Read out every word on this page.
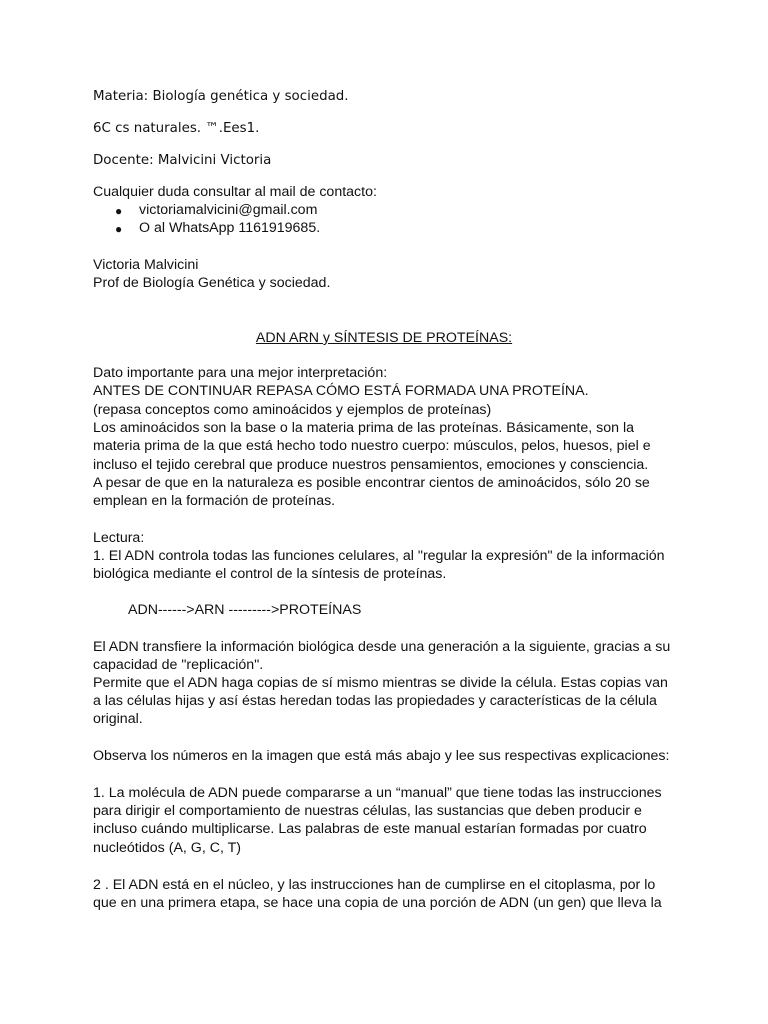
Materia: Biología genética y sociedad.
6C cs naturales. ™.Ees1.
Docente: Malvicini Victoria
Cualquier duda consultar al mail de contacto:
● victoriamalvicini@gmail.com
● O al WhatsApp 1161919685.
Victoria Malvicini
Prof de Biología Genética y sociedad.
ADN ARN y SÍNTESIS DE PROTEÍNAS:
Dato importante para una mejor interpretación:
ANTES DE CONTINUAR REPASA CÓMO ESTÁ FORMADA UNA PROTEÍNA.
(repasa conceptos como aminoácidos y ejemplos de proteínas)
Los aminoácidos son la base o la materia prima de las proteínas. Básicamente, son la
materia prima de la que está hecho todo nuestro cuerpo: músculos, pelos, huesos, piel e
incluso el tejido cerebral que produce nuestros pensamientos, emociones y consciencia.
A pesar de que en la naturaleza es posible encontrar cientos de aminoácidos, sólo 20 se
emplean en la formación de proteínas.
Lectura:
1. El ADN controla todas las funciones celulares, al "regular la expresión" de la información
biológica mediante el control de la síntesis de proteínas.
ADN------>ARN --------->PROTEÍNAS
El ADN transfiere la información biológica desde una generación a la siguiente, gracias a su
capacidad de "replicación".
Permite que el ADN haga copias de sí mismo mientras se divide la célula. Estas copias van
a las células hijas y así éstas heredan todas las propiedades y características de la célula
original.
Observa los números en la imagen que está más abajo y lee sus respectivas explicaciones:
1. La molécula de ADN puede compararse a un “manual” que tiene todas las instrucciones
para dirigir el comportamiento de nuestras células, las sustancias que deben producir e
incluso cuándo multiplicarse. Las palabras de este manual estarían formadas por cuatro
nucleótidos (A, G, C, T)
2 . El ADN está en el núcleo, y las instrucciones han de cumplirse en el citoplasma, por lo
que en una primera etapa, se hace una copia de una porción de ADN (un gen) que lleva la
